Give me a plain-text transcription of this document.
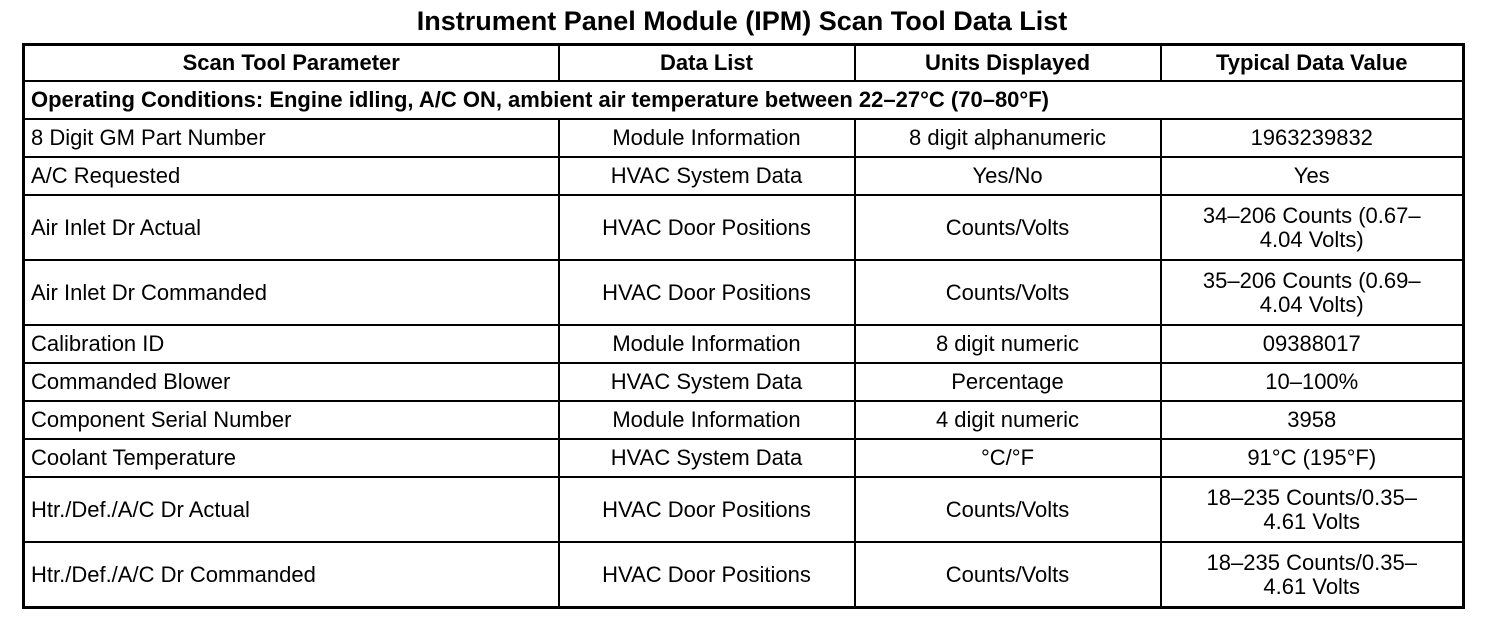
Instrument Panel Module (IPM) Scan Tool Data List
Scan Tool Parameter	Data List	Units Displayed	Typical Data Value
Operating Conditions: Engine idling, A/C ON, ambient air temperature between 22–27°C (70–80°F)			
8 Digit GM Part Number	Module Information	8 digit alphanumeric	1963239832

A/C Requested	HVAC System Data	Yes/No	Yes

Air Inlet Dr Actual	HVAC Door Positions	Counts/Volts	34–206 Counts (0.67–
4.04 Volts)

Air Inlet Dr Commanded	HVAC Door Positions	Counts/Volts	35–206 Counts (0.69–
4.04 Volts)

Calibration ID	Module Information	8 digit numeric	09388017

Commanded Blower	HVAC System Data	Percentage	10–100%

Component Serial Number	Module Information	4 digit numeric	3958

Coolant Temperature	HVAC System Data	°C/°F	91°C (195°F)

Htr./Def./A/C Dr Actual	HVAC Door Positions	Counts/Volts	18–235 Counts/0.35–
4.61 Volts

Htr./Def./A/C Dr Commanded	HVAC Door Positions	Counts/Volts	18–235 Counts/0.35–
4.61 Volts
